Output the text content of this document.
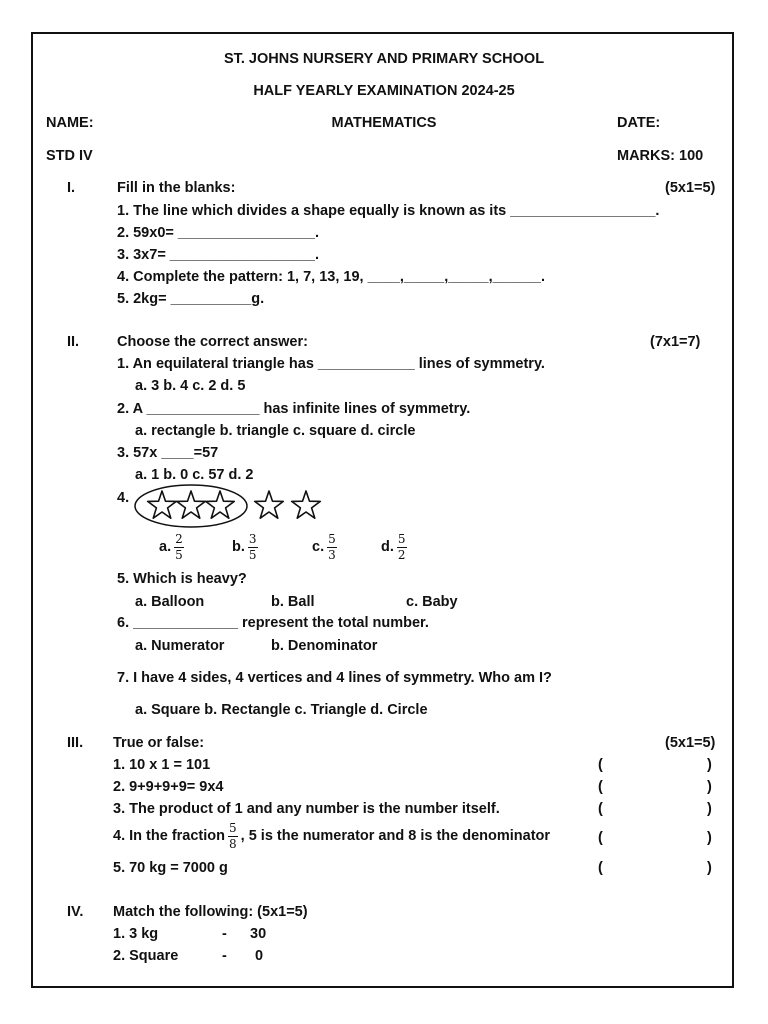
ST. JOHNS NURSERY AND PRIMARY SCHOOL
HALF YEARLY EXAMINATION 2024-25
NAME:	MATHEMATICS	DATE:
STD IV	MARKS: 100
I.	Fill in the blanks:	(5x1=5)
1. The line which divides a shape equally is known as its __________________.
2. 59x0= _________________.
3. 3x7= __________________.
4. Complete the pattern: 1, 7, 13, 19, ____,_____,_____,______.
5. 2kg= __________g.
II.	Choose the correct answer:	(7x1=7)
1. An equilateral triangle has ____________ lines of symmetry.
a. 3 b. 4 c. 2 d. 5
2. A ______________ has infinite lines of symmetry.
a. rectangle b. triangle c. square d. circle
3. 57x ____=57
a. 1 b. 0 c. 57 d. 2
4.
a. $\frac{2}{5}$	b. $\frac{3}{5}$	c. $\frac{5}{3}$	d. $\frac{5}{2}$
5. Which is heavy?
a. Balloon	b. Ball	c. Baby
6. _____________ represent the total number.
a. Numerator	b. Denominator
7. I have 4 sides, 4 vertices and 4 lines of symmetry. Who am I?
a. Square b. Rectangle c. Triangle d. Circle
III. True or false:	(5x1=5)
1. 10 x 1 = 101	(	)
2. 9+9+9+9= 9x4	(	)
3. The product of 1 and any number is the number itself.	(	)
4. In the fraction $\frac{5}{8}$ , 5 is the numerator and 8 is the denominator	(	)
5. 70 kg = 7000 g	(	)
IV. Match the following: (5x1=5)
1. 3 kg	- 30
2. Square	- 0
